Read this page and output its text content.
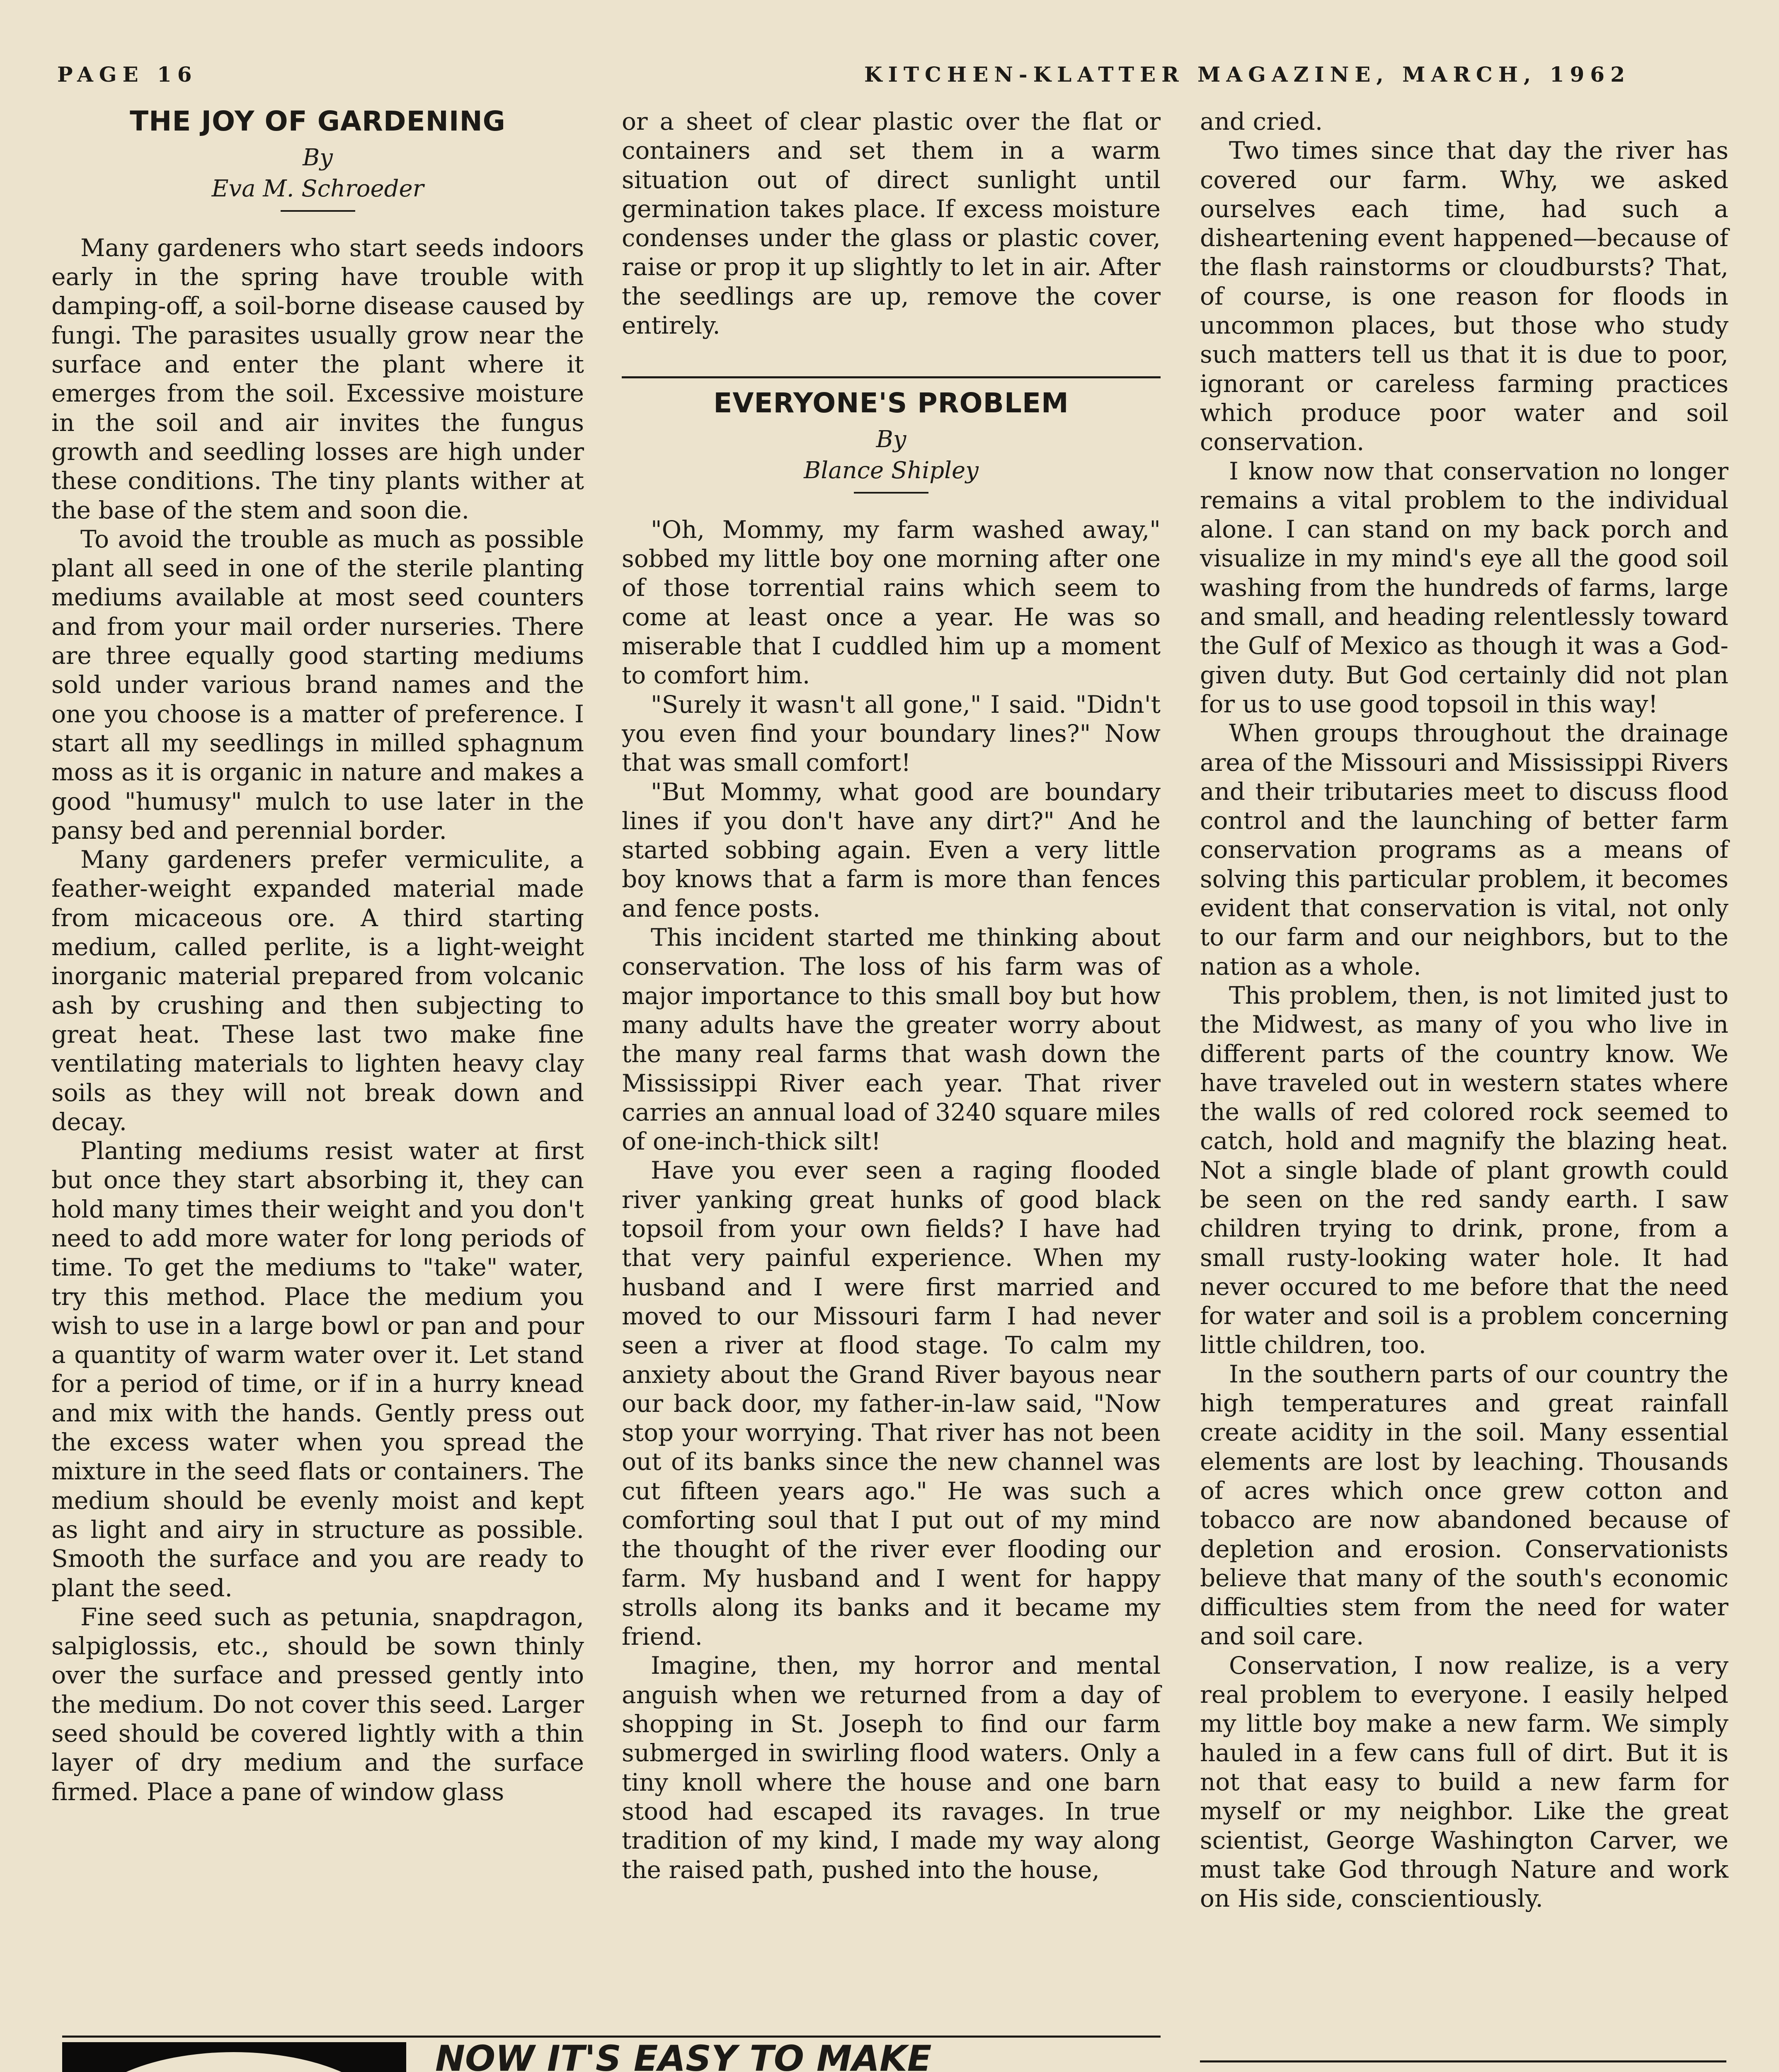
PAGE 16	KITCHEN-KLATTER MAGAZINE, MARCH, 1962
THE JOY OF GARDENING
By
Eva M. Schroeder

Many gardeners who start seeds indoors early in the spring have trouble with damping-off, a soil-borne disease caused by fungi. The parasites usually grow near the surface and enter the plant where it emerges from the soil. Excessive moisture in the soil and air invites the fungus growth and seedling losses are high under these conditions. The tiny plants wither at the base of the stem and soon die.

To avoid the trouble as much as possible plant all seed in one of the sterile planting mediums available at most seed counters and from your mail order nurseries. There are three equally good starting mediums sold under various brand names and the one you choose is a matter of preference. I start all my seedlings in milled sphagnum moss as it is organic in nature and makes a good "humusy" mulch to use later in the pansy bed and perennial border.

Many gardeners prefer vermiculite, a feather-weight expanded material made from micaceous ore. A third starting medium, called perlite, is a light-weight inorganic material prepared from volcanic ash by crushing and then subjecting to great heat. These last two make fine ventilating materials to lighten heavy clay soils as they will not break down and decay.

Planting mediums resist water at first but once they start absorbing it, they can hold many times their weight and you don't need to add more water for long periods of time. To get the mediums to "take" water, try this method. Place the medium you wish to use in a large bowl or pan and pour a quantity of warm water over it. Let stand for a period of time, or if in a hurry knead and mix with the hands. Gently press out the excess water when you spread the mixture in the seed flats or containers. The medium should be evenly moist and kept as light and airy in structure as possible. Smooth the surface and you are ready to plant the seed.

Fine seed such as petunia, snapdragon, salpiglossis, etc., should be sown thinly over the surface and pressed gently into the medium. Do not cover this seed. Larger seed should be covered lightly with a thin layer of dry medium and the surface firmed. Place a pane of window glass

or a sheet of clear plastic over the flat or containers and set them in a warm situation out of direct sunlight until germination takes place. If excess moisture condenses under the glass or plastic cover, raise or prop it up slightly to let in air. After the seedlings are up, remove the cover entirely.

EVERYONE'S PROBLEM
By
Blance Shipley

"Oh, Mommy, my farm washed away," sobbed my little boy one morning after one of those torrential rains which seem to come at least once a year. He was so miserable that I cuddled him up a moment to comfort him.

"Surely it wasn't all gone," I said. "Didn't you even find your boundary lines?" Now that was small comfort!

"But Mommy, what good are boundary lines if you don't have any dirt?" And he started sobbing again. Even a very little boy knows that a farm is more than fences and fence posts.

This incident started me thinking about conservation. The loss of his farm was of major importance to this small boy but how many adults have the greater worry about the many real farms that wash down the Mississippi River each year. That river carries an annual load of 3240 square miles of one-inch-thick silt!

Have you ever seen a raging flooded river yanking great hunks of good black topsoil from your own fields? I have had that very painful experience. When my husband and I were first married and moved to our Missouri farm I had never seen a river at flood stage. To calm my anxiety about the Grand River bayous near our back door, my father-in-law said, "Now stop your worrying. That river has not been out of its banks since the new channel was cut fifteen years ago." He was such a comforting soul that I put out of my mind the thought of the river ever flooding our farm. My husband and I went for happy strolls along its banks and it became my friend.

Imagine, then, my horror and mental anguish when we returned from a day of shopping in St. Joseph to find our farm submerged in swirling flood waters. Only a tiny knoll where the house and one barn stood had escaped its ravages. In true tradition of my kind, I made my way along the raised path, pushed into the house,

and cried.

Two times since that day the river has covered our farm. Why, we asked ourselves each time, had such a disheartening event happened—because of the flash rainstorms or cloudbursts? That, of course, is one reason for floods in uncommon places, but those who study such matters tell us that it is due to poor, ignorant or careless farming practices which produce poor water and soil conservation.

I know now that conservation no longer remains a vital problem to the individual alone. I can stand on my back porch and visualize in my mind's eye all the good soil washing from the hundreds of farms, large and small, and heading relentlessly toward the Gulf of Mexico as though it was a God-given duty. But God certainly did not plan for us to use good topsoil in this way!

When groups throughout the drainage area of the Missouri and Mississippi Rivers and their tributaries meet to discuss flood control and the launching of better farm conservation programs as a means of solving this particular problem, it becomes evident that conservation is vital, not only to our farm and our neighbors, but to the nation as a whole.

This problem, then, is not limited just to the Midwest, as many of you who live in different parts of the country know. We have traveled out in western states where the walls of red colored rock seemed to catch, hold and magnify the blazing heat. Not a single blade of plant growth could be seen on the red sandy earth. I saw children trying to drink, prone, from a small rusty-looking water hole. It had never occured to me before that the need for water and soil is a problem concerning little children, too.

In the southern parts of our country the high temperatures and great rainfall create acidity in the soil. Many essential elements are lost by leaching. Thousands of acres which once grew cotton and tobacco are now abandoned because of depletion and erosion. Conservationists believe that many of the south's economic difficulties stem from the need for water and soil care.

Conservation, I now realize, is a very real problem to everyone. I easily helped my little boy make a new farm. We simply hauled in a few cans full of dirt. But it is not that easy to build a new farm for myself or my neighbor. Like the great scientist, George Washington Carver, we must take God through Nature and work on His side, conscientiously.

NOW IT'S EASY TO MAKE
